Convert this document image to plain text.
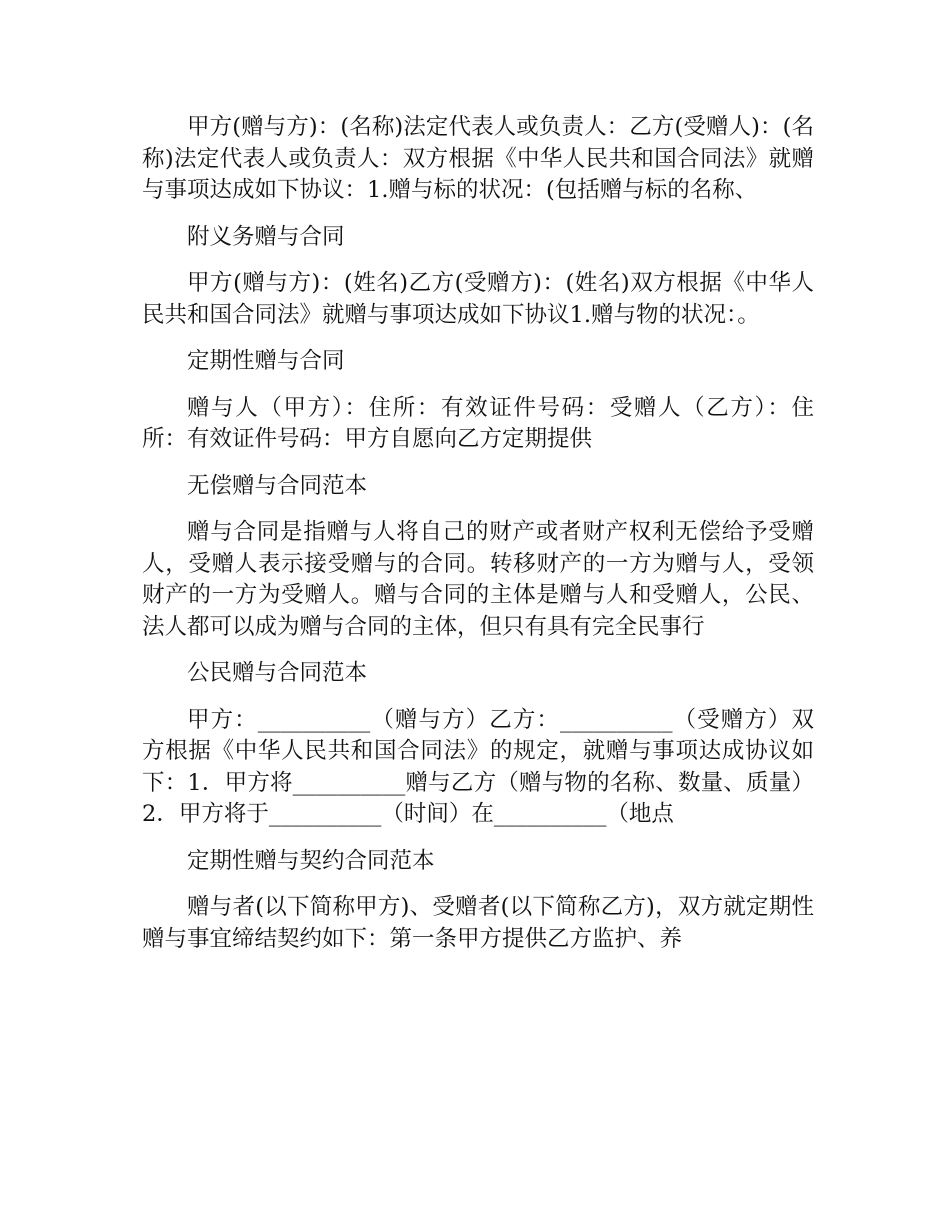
甲方(赠与方)：(名称)法定代表人或负责人：乙方(受赠人)：(名称)法定代表人或负责人：双方根据《中华人民共和国合同法》就赠与事项达成如下协议：1.赠与标的状况：(包括赠与标的名称、

附义务赠与合同

甲方(赠与方)：(姓名)乙方(受赠方)：(姓名)双方根据《中华人民共和国合同法》就赠与事项达成如下协议1.赠与物的状况：。

定期性赠与合同

赠与人（甲方）：住所：有效证件号码：受赠人（乙方）：住所：有效证件号码：甲方自愿向乙方定期提供

无偿赠与合同范本

赠与合同是指赠与人将自己的财产或者财产权利无偿给予受赠人，受赠人表示接受赠与的合同。转移财产的一方为赠与人，受领财产的一方为受赠人。赠与合同的主体是赠与人和受赠人，公民、法人都可以成为赠与合同的主体，但只有具有完全民事行

公民赠与合同范本

甲方：__________（赠与方）乙方：__________（受赠方）双方根据《中华人民共和国合同法》的规定，就赠与事项达成协议如下：1．甲方将__________赠与乙方（赠与物的名称、数量、质量）2．甲方将于__________（时间）在__________（地点

定期性赠与契约合同范本

赠与者(以下简称甲方)、受赠者(以下简称乙方)，双方就定期性赠与事宜缔结契约如下：第一条甲方提供乙方监护、养
